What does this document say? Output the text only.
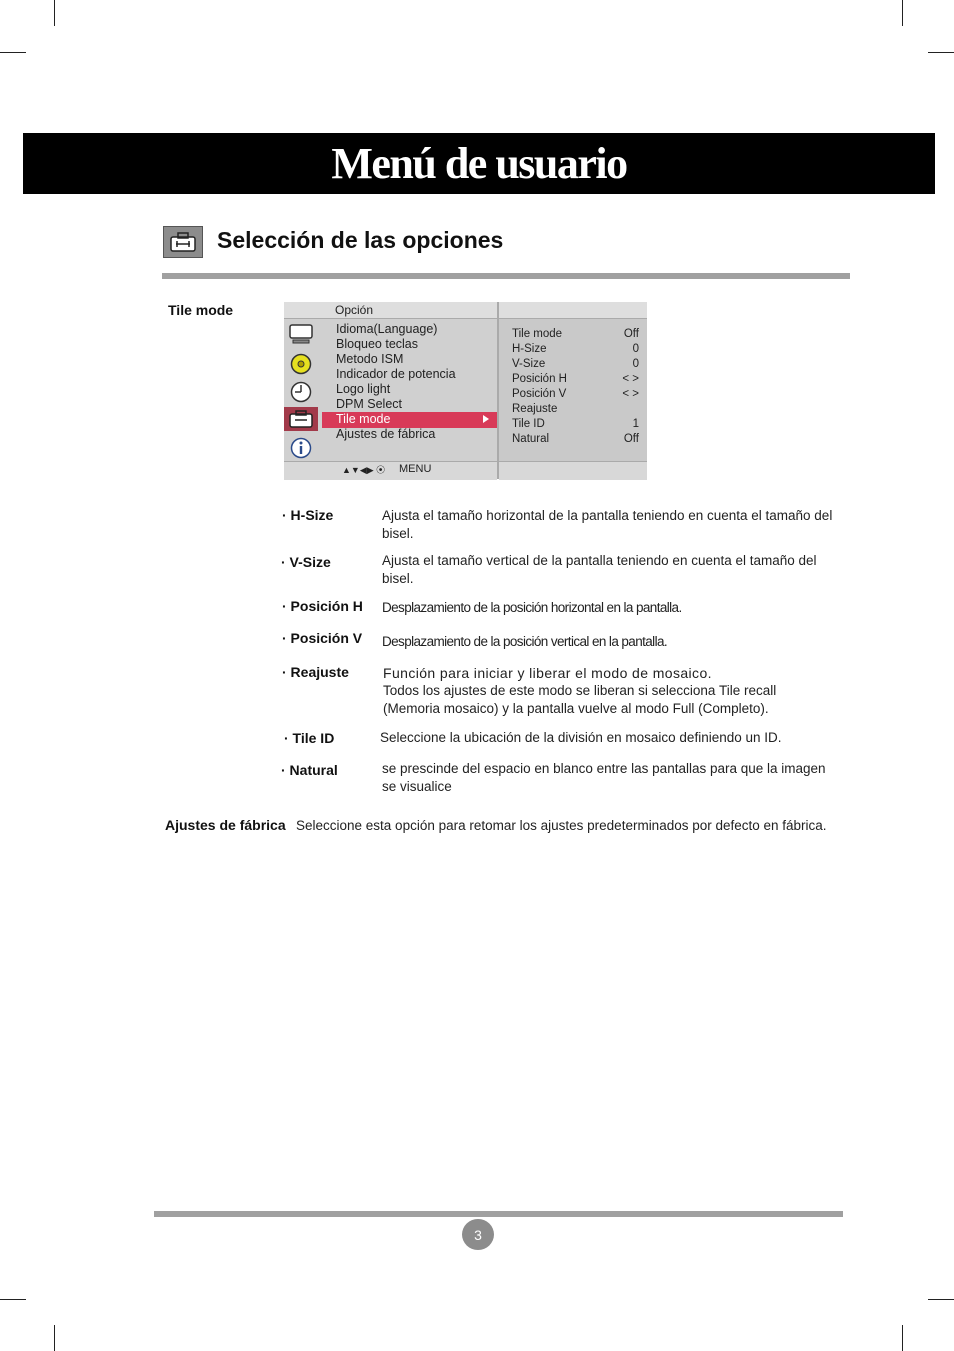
Menú de usuario
Selección de las opciones
Tile mode	Opción
Idioma(Language)
Bloqueo teclas
Metodo ISM
Indicador de potencia
Logo light
DPM Select
Tile mode
Ajustes de fábrica
Tile mode	Off
H-Size	0
V-Size	0
Posición H	< >
Posición V	< >
Reajuste
Tile ID	1
Natural	Off
▲▼◀▶ ⦿ MENU
· H-Size	Ajusta el tamaño horizontal de la pantalla teniendo en cuenta el tamaño del bisel.
· V-Size	Ajusta el tamaño vertical de la pantalla teniendo en cuenta el tamaño del bisel.
· Posición H Desplazamiento de la posición horizontal en la pantalla.
· Posición V Desplazamiento de la posición vertical en la pantalla.
· Reajuste Función para iniciar y liberar el modo de mosaico.
Todos los ajustes de este modo se liberan si selecciona Tile recall (Memoria mosaico) y la pantalla vuelve al modo Full (Completo).
· Tile ID	Seleccione la ubicación de la división en mosaico definiendo un ID.
· Natural	se prescinde del espacio en blanco entre las pantallas para que la imagen se visualice
Ajustes de fábrica Seleccione esta opción para retomar los ajustes predeterminados por defecto en fábrica.
3
